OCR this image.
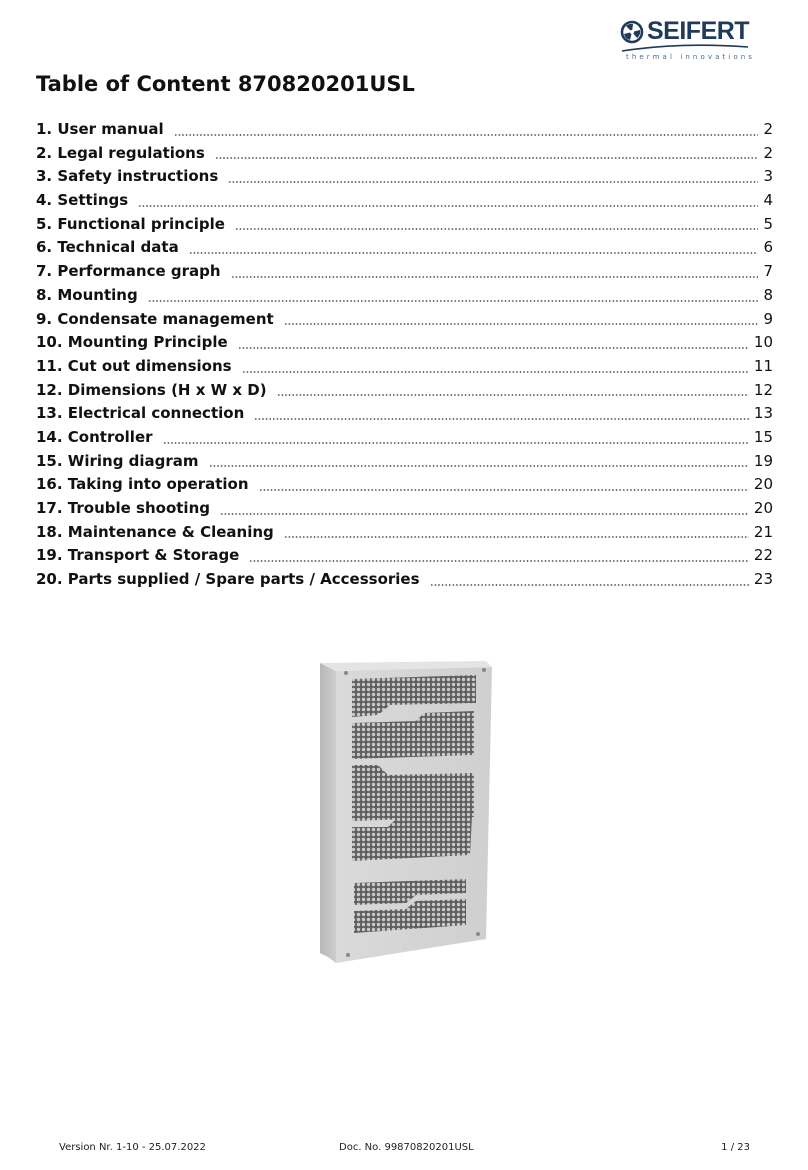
SEIFERT
thermal innovations
Table of Content 870820201USL
1. User manual	2
2. Legal regulations	2
3. Safety instructions	3
4. Settings	4
5. Functional principle	5
6. Technical data	6
7. Performance graph	7
8. Mounting	8
9. Condensate management	9
10. Mounting Principle	10
11. Cut out dimensions	11
12. Dimensions (H x W x D)	12
13. Electrical connection	13
14. Controller	15
15. Wiring diagram	19
16. Taking into operation	20
17. Trouble shooting	20
18. Maintenance & Cleaning	21
19. Transport & Storage	22
20. Parts supplied / Spare parts / Accessories	23
Version Nr. 1-10 - 25.07.2022	Doc. No. 99870820201USL	1 / 23
